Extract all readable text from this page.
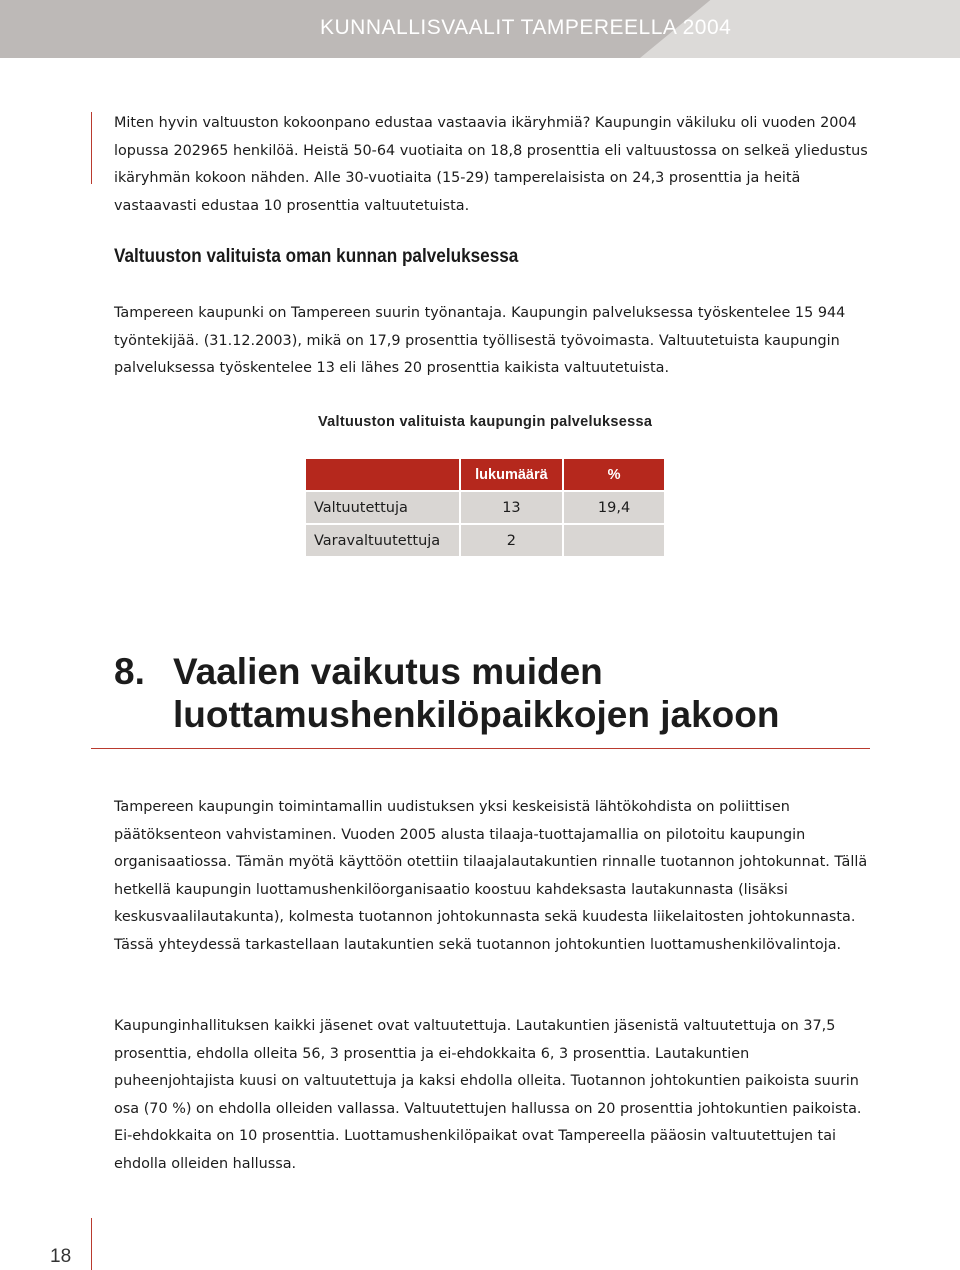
KUNNALLISVAALIT TAMPEREELLA 2004

Miten hyvin valtuuston kokoonpano edustaa vastaavia ikäryhmiä? Kaupungin väkiluku oli vuoden 2004 lopussa 202965 henkilöä. Heistä 50-64 vuotiaita on 18,8 prosenttia eli valtuustossa on selkeä yliedustus ikäryhmän kokoon nähden. Alle 30-vuotiaita (15-29) tamperelaisista on 24,3 prosenttia ja heitä vastaavasti edustaa 10 prosenttia valtuutetuista.

Valtuuston valituista oman kunnan palveluksessa

Tampereen kaupunki on Tampereen suurin työnantaja. Kaupungin palveluksessa työskentelee 15 944 työntekijää. (31.12.2003), mikä on 17,9 prosenttia työllisestä työvoimasta. Valtuutetuista kaupungin palveluksessa työskentelee 13 eli lähes 20 prosenttia kaikista valtuutetuista.

Valtuuston valituista kaupungin palveluksessa
	lukumäärä	%
Valtuutettuja	13	19,4
Varavaltuutettuja	2	
8. Vaalien vaikutus muiden
luottamushenkilöpaikkojen jakoon

Tampereen kaupungin toimintamallin uudistuksen yksi keskeisistä lähtökohdista on poliittisen päätöksenteon vahvistaminen. Vuoden 2005 alusta tilaaja-tuottajamallia on pilotoitu kaupungin organisaatiossa. Tämän myötä käyttöön otettiin tilaajalautakuntien rinnalle tuotannon johtokunnat. Tällä hetkellä kaupungin luottamushenkilöorganisaatio koostuu kahdeksasta lautakunnasta (lisäksi keskusvaalilautakunta), kolmesta tuotannon johtokunnasta sekä kuudesta liikelaitosten johtokunnasta. Tässä yhteydessä tarkastellaan lautakuntien sekä tuotannon johtokuntien luottamushenkilövalintoja.

Kaupunginhallituksen kaikki jäsenet ovat valtuutettuja. Lautakuntien jäsenistä valtuutettuja on 37,5 prosenttia, ehdolla olleita 56, 3 prosenttia ja ei-ehdokkaita 6, 3 prosenttia. Lautakuntien puheenjohtajista kuusi on valtuutettuja ja kaksi ehdolla olleita. Tuotannon johtokuntien paikoista suurin osa (70 %) on ehdolla olleiden vallassa. Valtuutettujen hallussa on 20 prosenttia johtokuntien paikoista. Ei-ehdokkaita on 10 prosenttia. Luottamushenkilöpaikat ovat Tampereella pääosin valtuutettujen tai ehdolla olleiden hallussa.

18
